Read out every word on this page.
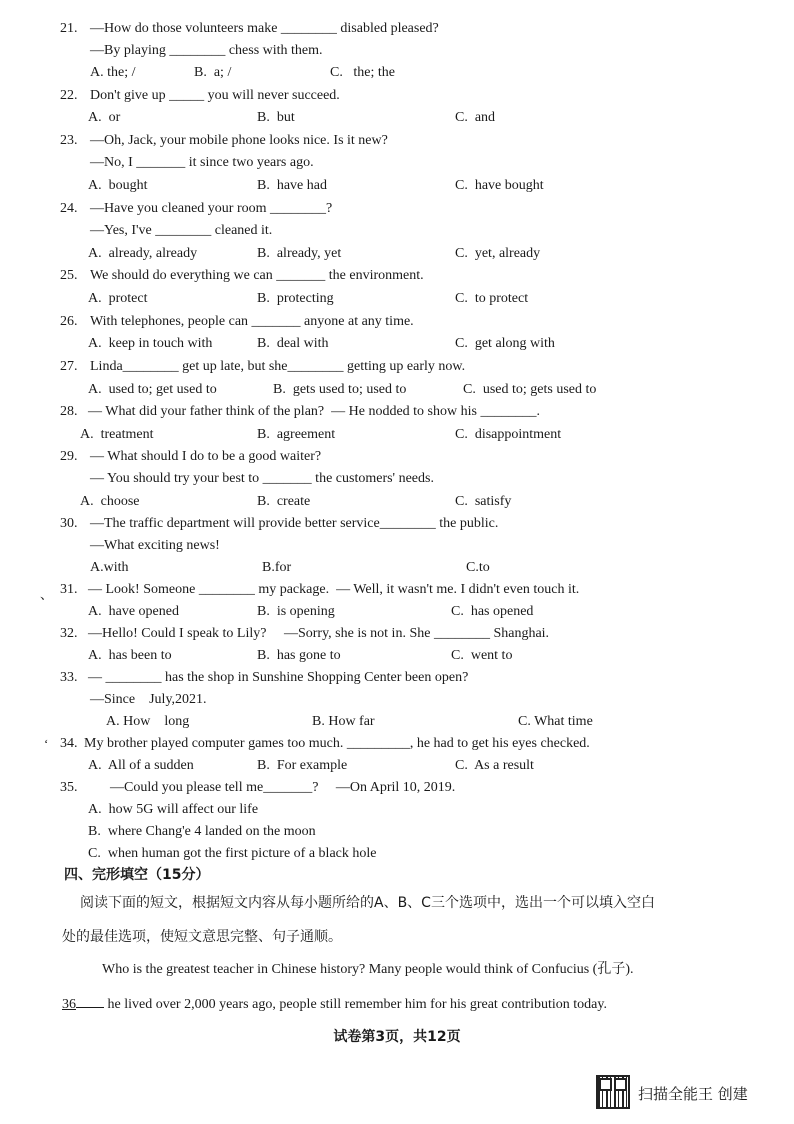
21. —How do those volunteers make ________ disabled pleased?
—By playing ________ chess with them.
A. the; /	B.  a; /	C.   the; the
22. Don't give up _____ you will never succeed.
A.  or	B.  but	C.  and
23. —Oh, Jack, your mobile phone looks nice. Is it new?
—No, I _______ it since two years ago.
A.  bought	B.  have had	C.  have bought
24. —Have you cleaned your room ________?
—Yes, I've ________ cleaned it.
A.  already, already	B.  already, yet	C.  yet, already
25. We should do everything we can _______ the environment.
A.  protect	B.  protecting	C.  to protect
26. With telephones, people can _______ anyone at any time.
A.  keep in touch with	B.  deal with	C.  get along with
27. Linda________ get up late, but she________ getting up early now.
A.  used to; get used to	B.  gets used to; used to	C.  used to; gets used to
28. — What did your father think of the plan?  — He nodded to show his ________.
A.  treatment	B.  agreement	C.  disappointment
29. — What should I do to be a good waiter?
— You should try your best to _______ the customers' needs.
A.  choose	B.  create	C.  satisfy
30. —The traffic department will provide better service________ the public.
—What exciting news!
A.with	B.for	C.to
、 31. — Look! Someone ________ my package.  — Well, it wasn't me. I didn't even touch it.
A.  have opened	B.  is opening	C.  has opened
32. —Hello! Could I speak to Lily?     —Sorry, she is not in. She ________ Shanghai.
A.  has been to	B.  has gone to	C.  went to
33. — ________ has the shop in Sunshine Shopping Center been open?
—Since    July,2021.
A. How    long	B. How far	C. What time
‘ 34. My brother played computer games too much. _________, he had to get his eyes checked.
A.  All of a sudden	B.  For example	C.  As a result
35. —Could you please tell me_______?     —On April 10, 2019.
A.  how 5G will affect our life
B.  where Chang'e 4 landed on the moon
C.  when human got the first picture of a black hole
四、完形填空（15分）
阅读下面的短文，根据短文内容从每小题所给的A、B、C三个选项中，选出一个可以填入空白
处的最佳选项，使短文意思完整、句子通顺。
Who is the greatest teacher in Chinese history? Many people would think of Confucius (孔子).
36 he lived over 2,000 years ago, people still remember him for his great contribution today.
试卷第3页，共12页
扫描全能王 创建
